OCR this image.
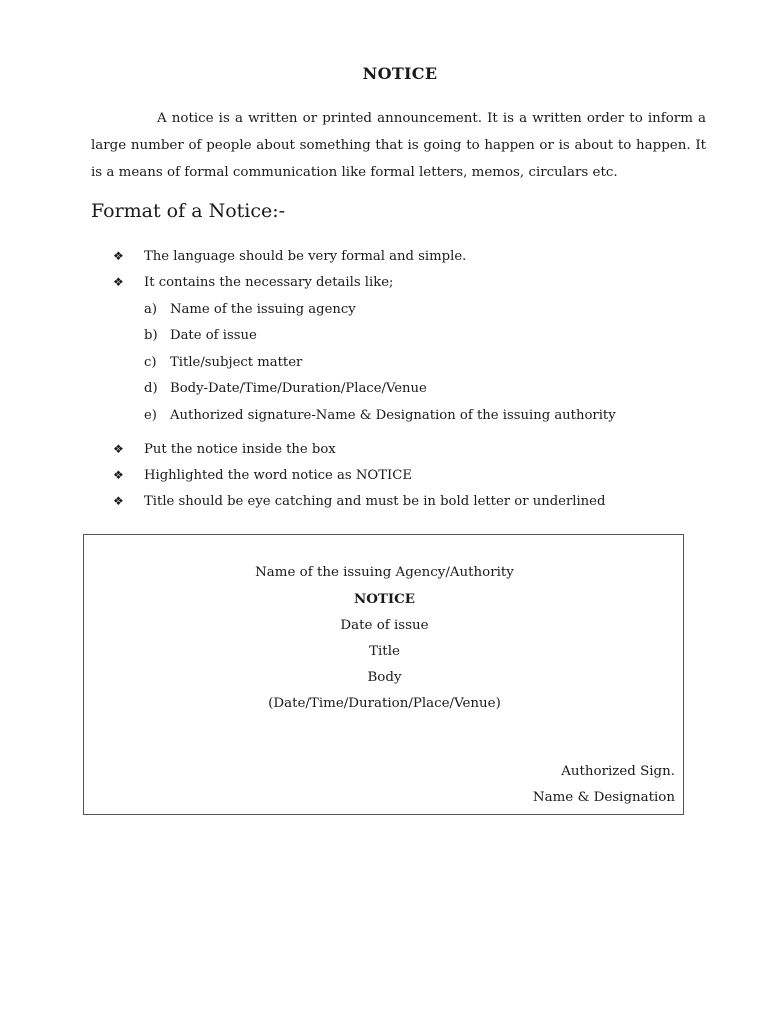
NOTICE

A notice is a written or printed announcement. It is a written order to inform a large number of people about something that is going to happen or is about to happen. It is a means of formal communication like formal letters, memos, circulars etc.

Format of a Notice:-
❖ The language should be very formal and simple.
❖ It contains the necessary details like;
a) Name of the issuing agency
b) Date of issue
c) Title/subject matter
d) Body-Date/Time/Duration/Place/Venue
e) Authorized signature-Name & Designation of the issuing authority
❖ Put the notice inside the box
❖ Highlighted the word notice as NOTICE
❖ Title should be eye catching and must be in bold letter or underlined
Name of the issuing Agency/Authority
NOTICE
Date of issue
Title
Body
(Date/Time/Duration/Place/Venue)
Authorized Sign.
Name & Designation
